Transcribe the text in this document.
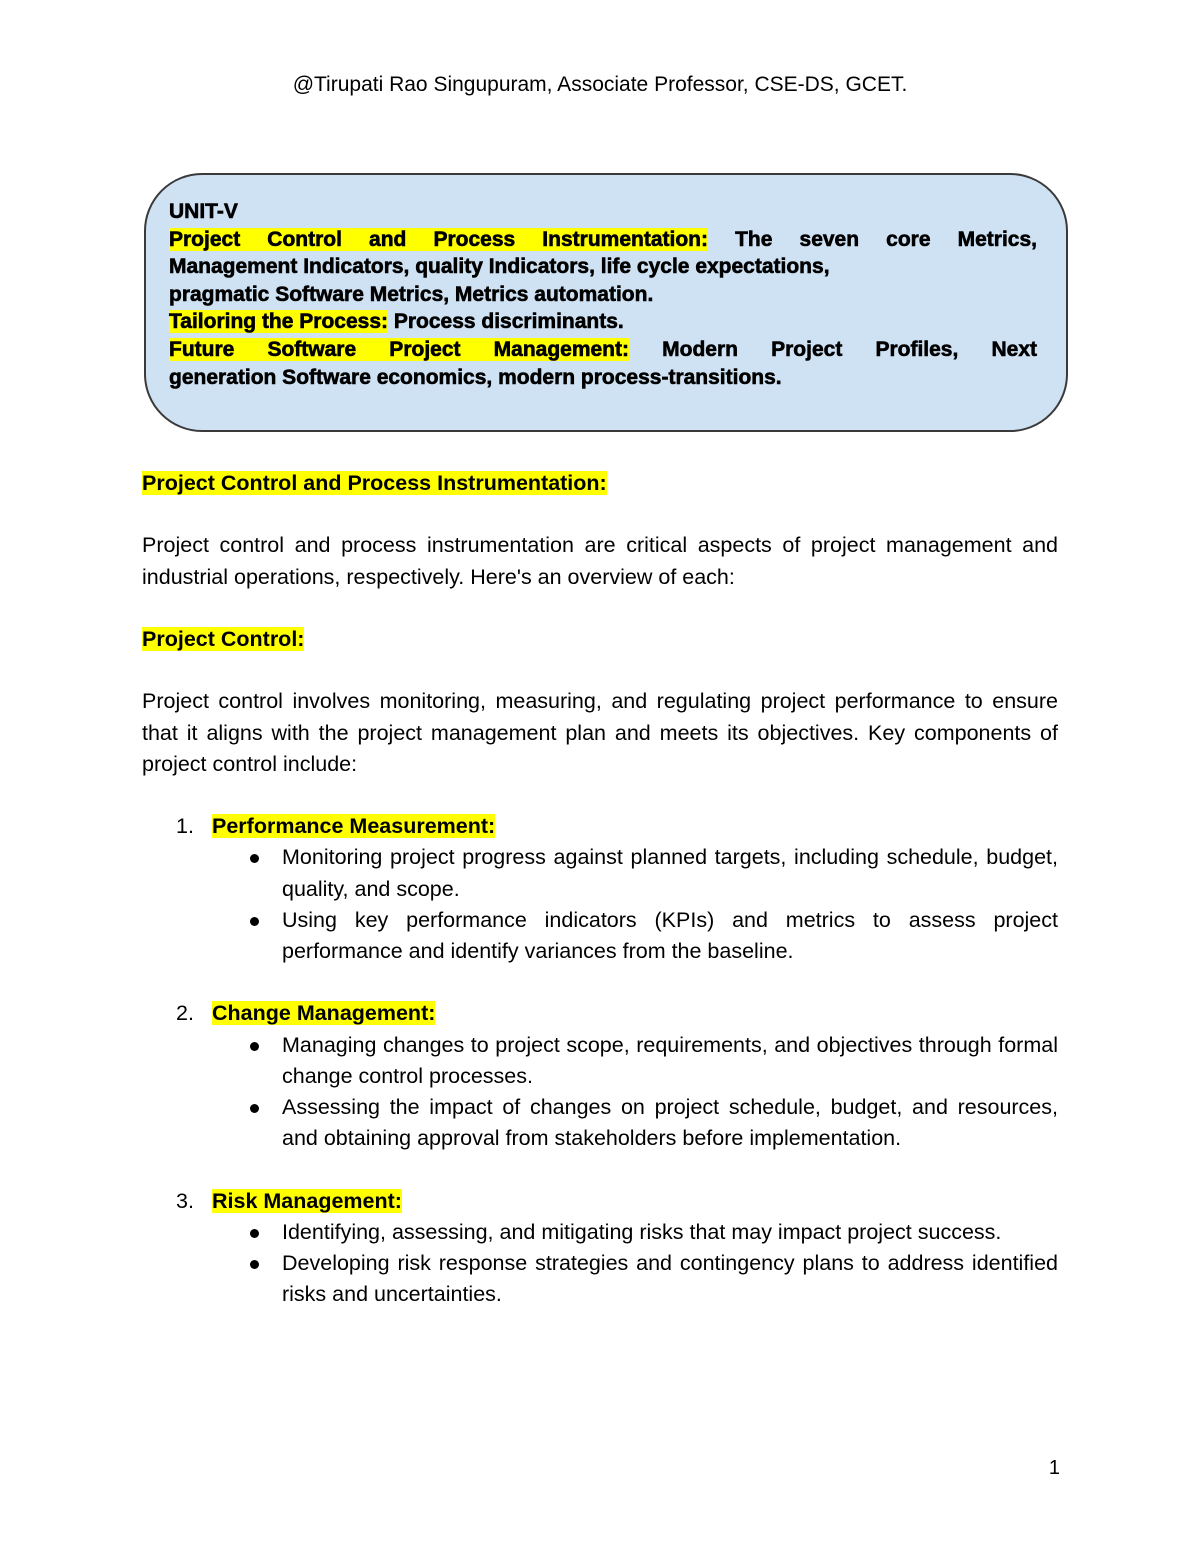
@Tirupati Rao Singupuram, Associate Professor, CSE-DS, GCET.
UNIT-V
Project Control and Process Instrumentation: The seven core Metrics,
Management Indicators, quality Indicators, life cycle expectations,
pragmatic Software Metrics, Metrics automation.
Tailoring the Process: Process discriminants.
Future Software Project Management: Modern Project Profiles, Next
generation Software economics, modern process-transitions.

Project Control and Process Instrumentation:

Project control and process instrumentation are critical aspects of project management and industrial operations, respectively. Here's an overview of each:

Project Control:

Project control involves monitoring, measuring, and regulating project performance to ensure that it aligns with the project management plan and meets its objectives. Key components of project control include:

1. Performance Measurement:
Monitoring project progress against planned targets, including schedule, budget, quality, and scope.
Using key performance indicators (KPIs) and metrics to assess project performance and identify variances from the baseline.
2. Change Management:
Managing changes to project scope, requirements, and objectives through formal change control processes.
Assessing the impact of changes on project schedule, budget, and resources, and obtaining approval from stakeholders before implementation.
3. Risk Management:
Identifying, assessing, and mitigating risks that may impact project success.
Developing risk response strategies and contingency plans to address identified risks and uncertainties.
1
